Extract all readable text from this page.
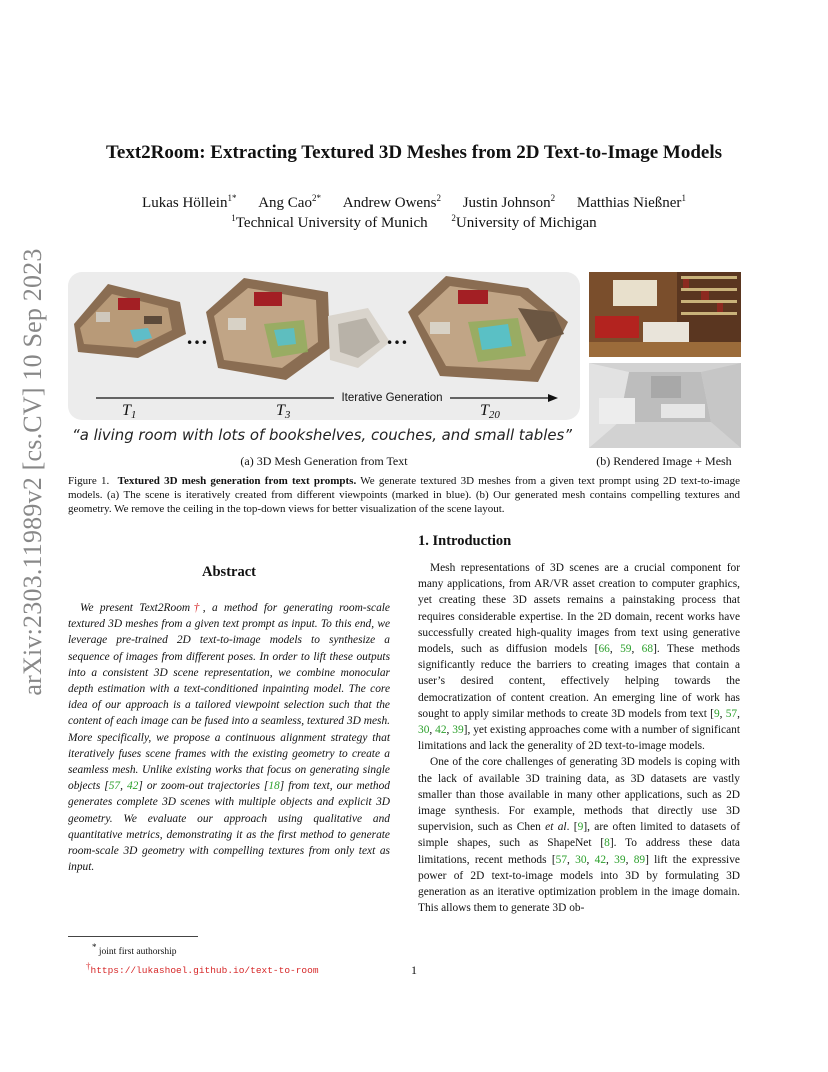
arXiv:2303.11989v2 [cs.CV] 10 Sep 2023
Text2Room: Extracting Textured 3D Meshes from 2D Text-to-Image Models
Lukas Höllein$^{1*}$ Ang Cao$^{2*}$ Andrew Owens$^2$ Justin Johnson$^2$ Matthias Nießner$^1$
$^1$Technical University of Munich	$^2$University of Michigan
…	…
Iterative Generation
T1	T3	T20
“a living room with lots of bookshelves, couches, and small tables”
(a) 3D Mesh Generation from Text	(b) Rendered Image + Mesh
Figure 1. Textured 3D mesh generation from text prompts. We generate textured 3D meshes from a given text prompt using 2D text-to-image models. (a) The scene is iteratively created from different viewpoints (marked in blue). (b) Our generated mesh contains compelling textures and geometry. We remove the ceiling in the top-down views for better visualization of the scene layout.
Abstract
We present Text2Room†, a method for generating room-scale textured 3D meshes from a given text prompt as input. To this end, we leverage pre-trained 2D text-to-image models to synthesize a sequence of images from different poses. In order to lift these outputs into a consistent 3D scene representation, we combine monocular depth estimation with a text-conditioned inpainting model. The core idea of our approach is a tailored viewpoint selection such that the content of each image can be fused into a seamless, textured 3D mesh. More specifically, we propose a continuous alignment strategy that iteratively fuses scene frames with the existing geometry to create a seamless mesh. Unlike existing works that focus on generating single objects [57, 42] or zoom-out trajectories [18] from text, our method generates complete 3D scenes with multiple objects and explicit 3D geometry. We evaluate our approach using qualitative and quantitative metrics, demonstrating it as the first method to generate room-scale 3D geometry with compelling textures from only text as input.
1. Introduction

Mesh representations of 3D scenes are a crucial component for many applications, from AR/VR asset creation to computer graphics, yet creating these 3D assets remains a painstaking process that requires considerable expertise. In the 2D domain, recent works have successfully created high-quality images from text using generative models, such as diffusion models [66, 59, 68]. These methods significantly reduce the barriers to creating images that contain a user’s desired content, effectively helping towards the democratization of content creation. An emerging line of work has sought to apply similar methods to create 3D models from text [9, 57, 30, 42, 39], yet existing approaches come with a number of significant limitations and lack the generality of 2D text-to-image models.

One of the core challenges of generating 3D models is coping with the lack of available 3D training data, as 3D datasets are vastly smaller than those available in many other applications, such as 2D image synthesis. For example, methods that directly use 3D supervision, such as Chen et al. [9], are often limited to datasets of simple shapes, such as ShapeNet [8]. To address these data limitations, recent methods [57, 30, 42, 39, 89] lift the expressive power of 2D text-to-image models into 3D by formulating 3D generation as an iterative optimization problem in the image domain. This allows them to generate 3D ob-

* joint first authorship
†https://lukashoel.github.io/text-to-room	1
